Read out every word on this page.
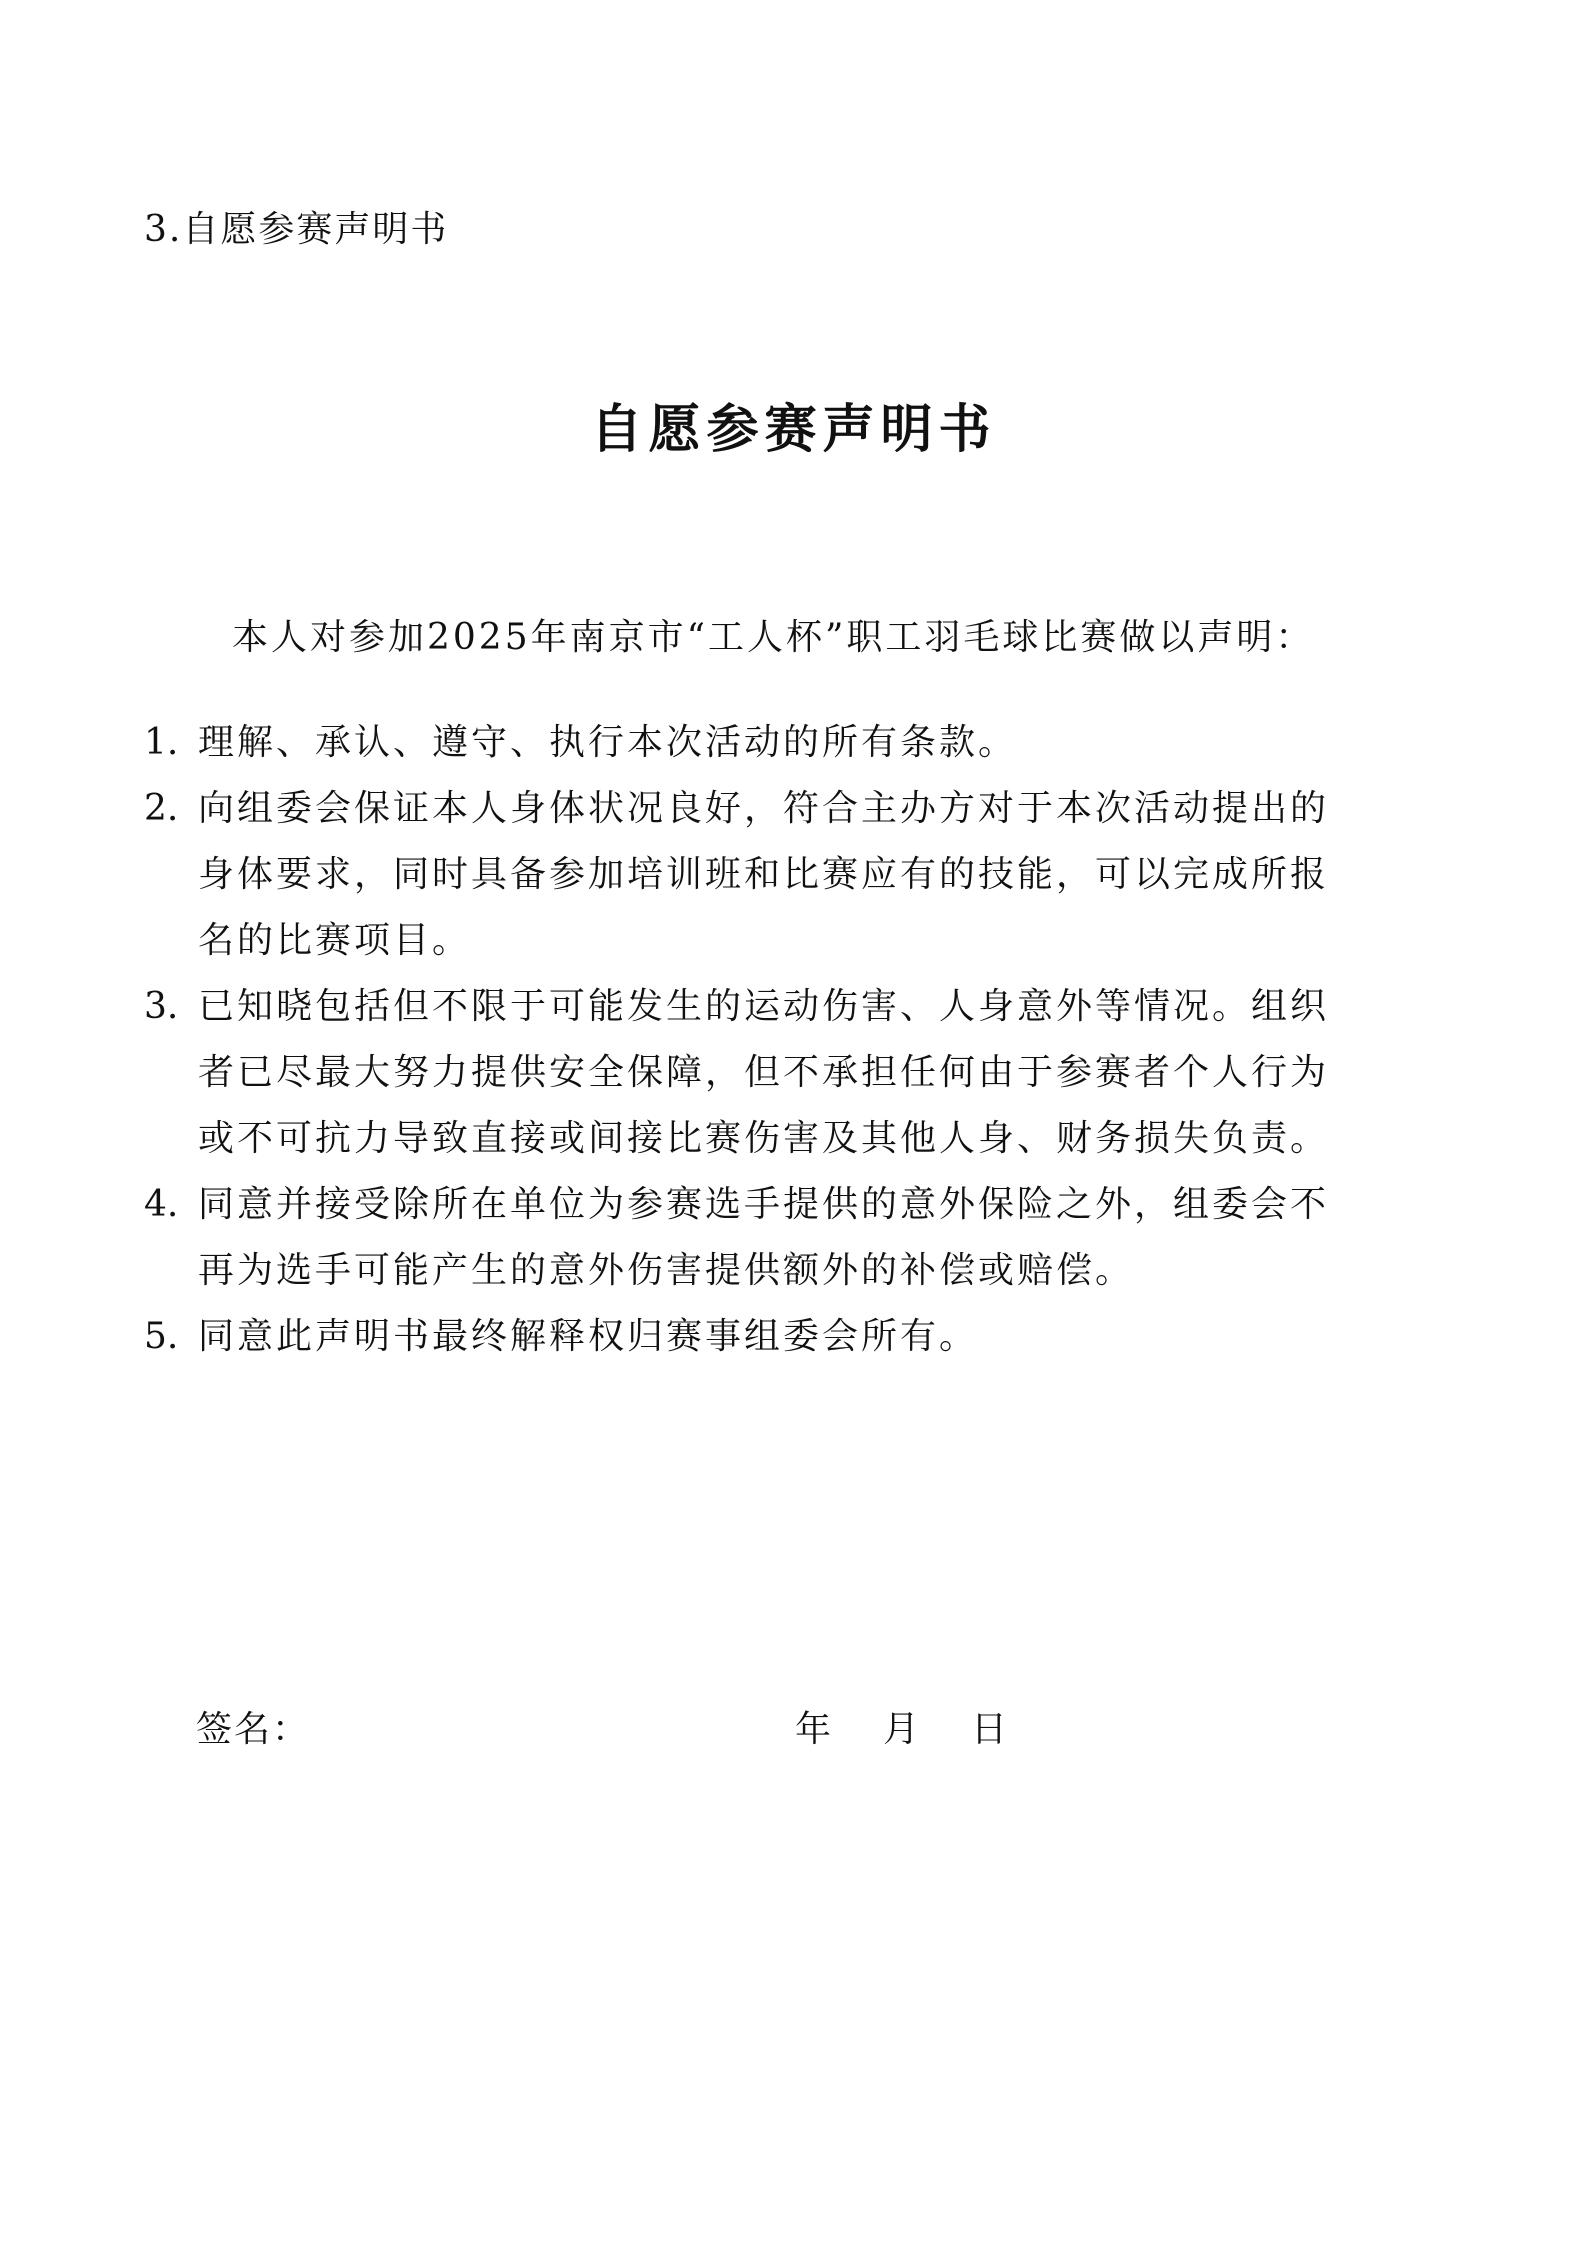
3.自愿参赛声明书
自愿参赛声明书
本人对参加2025年南京市“工人杯”职工羽毛球比赛做以声明：
1. 理解、承认、遵守、执行本次活动的所有条款。
2. 向组委会保证本人身体状况良好，符合主办方对于本次活动提出的
身体要求，同时具备参加培训班和比赛应有的技能，可以完成所报
名的比赛项目。
3. 已知晓包括但不限于可能发生的运动伤害、人身意外等情况。组织
者已尽最大努力提供安全保障，但不承担任何由于参赛者个人行为
或不可抗力导致直接或间接比赛伤害及其他人身、财务损失负责。
4. 同意并接受除所在单位为参赛选手提供的意外保险之外，组委会不
再为选手可能产生的意外伤害提供额外的补偿或赔偿。
5. 同意此声明书最终解释权归赛事组委会所有。
签名：	年 月 日
